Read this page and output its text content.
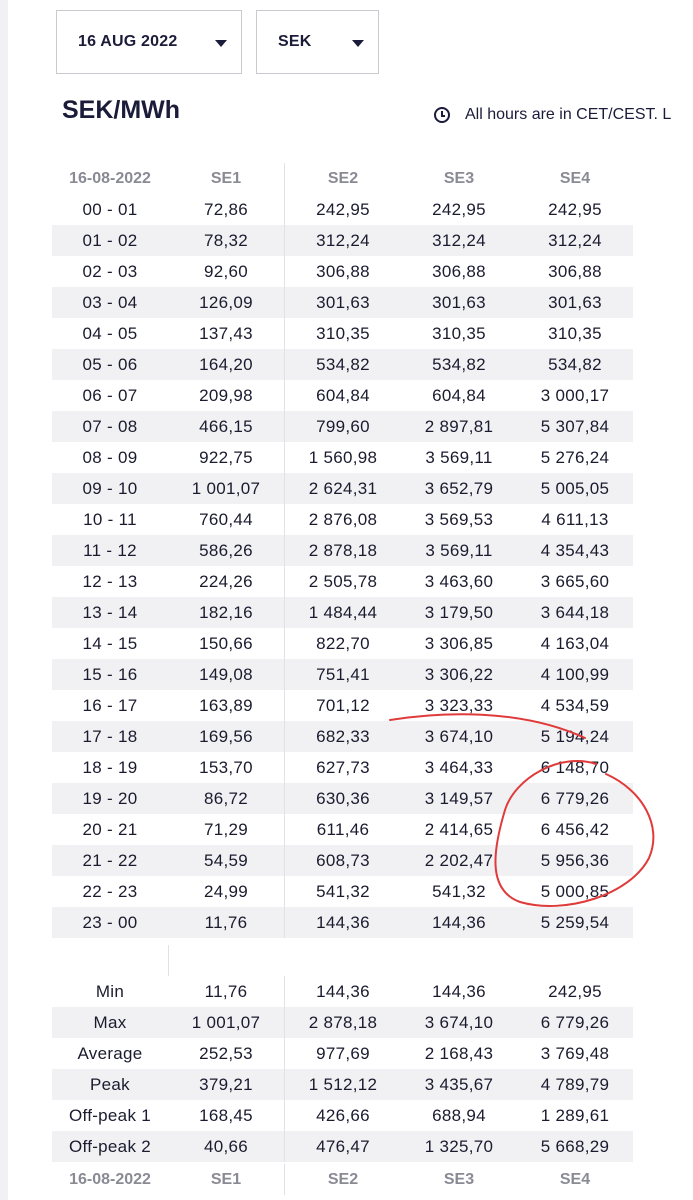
16 AUG 2022	SEK
SEK/MWh	All hours are in CET/CEST. L
16-08-2022	SE1	SE2	SE3	SE4
00 - 01	72,86	242,95	242,95	242,95
01 - 02	78,32	312,24	312,24	312,24
02 - 03	92,60	306,88	306,88	306,88
03 - 04	126,09	301,63	301,63	301,63
04 - 05	137,43	310,35	310,35	310,35
05 - 06	164,20	534,82	534,82	534,82
06 - 07	209,98	604,84	604,84	3 000,17
07 - 08	466,15	799,60	2 897,81	5 307,84
08 - 09	922,75	1 560,98	3 569,11	5 276,24
09 - 10	1 001,07	2 624,31	3 652,79	5 005,05
10 - 11	760,44	2 876,08	3 569,53	4 611,13
11 - 12	586,26	2 878,18	3 569,11	4 354,43
12 - 13	224,26	2 505,78	3 463,60	3 665,60
13 - 14	182,16	1 484,44	3 179,50	3 644,18
14 - 15	150,66	822,70	3 306,85	4 163,04
15 - 16	149,08	751,41	3 306,22	4 100,99
16 - 17	163,89	701,12	3 323,33	4 534,59
17 - 18	169,56	682,33	3 674,10	5 194,24
18 - 19	153,70	627,73	3 464,33	6 148,70
19 - 20	86,72	630,36	3 149,57	6 779,26
20 - 21	71,29	611,46	2 414,65	6 456,42
21 - 22	54,59	608,73	2 202,47	5 956,36
22 - 23	24,99	541,32	541,32	5 000,85
23 - 00	11,76	144,36	144,36	5 259,54
Min	11,76	144,36	144,36	242,95
Max	1 001,07	2 878,18	3 674,10	6 779,26
Average	252,53	977,69	2 168,43	3 769,48
Peak	379,21	1 512,12	3 435,67	4 789,79
Off-peak 1	168,45	426,66	688,94	1 289,61
Off-peak 2	40,66	476,47	1 325,70	5 668,29
16-08-2022	SE1	SE2	SE3	SE4
